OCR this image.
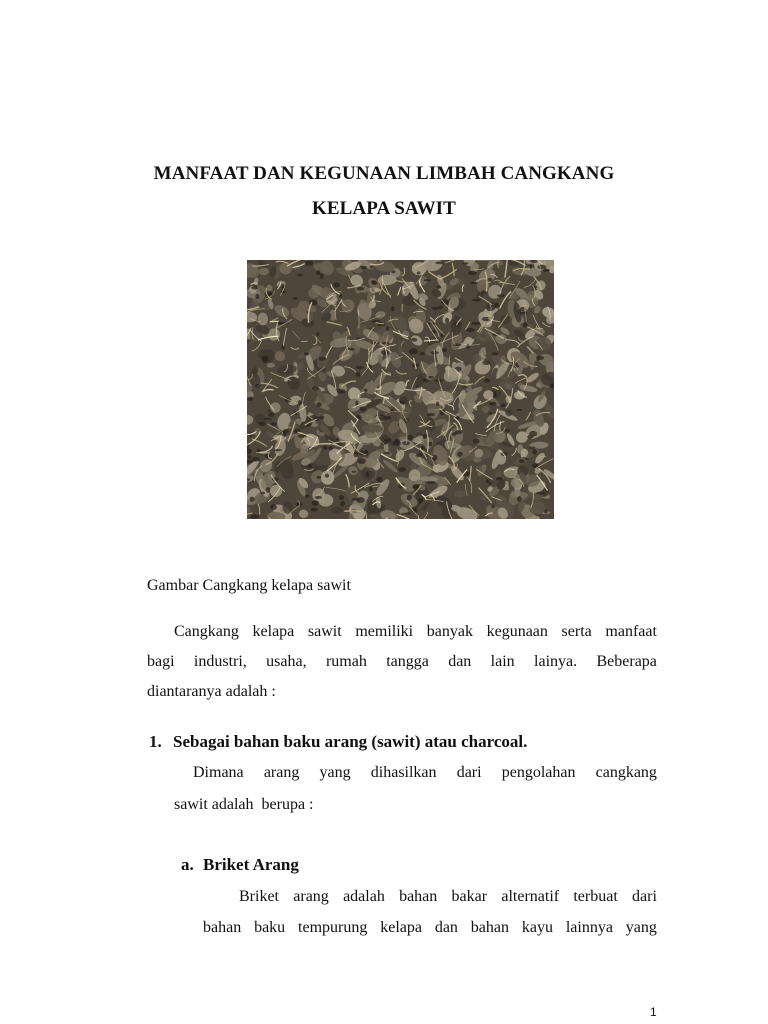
MANFAAT DAN KEGUNAAN LIMBAH CANGKANG
KELAPA SAWIT
Gambar Cangkang kelapa sawit
Cangkang kelapa sawit memiliki banyak kegunaan serta manfaat
bagi industri, usaha, rumah tangga dan lain lainya. Beberapa
diantaranya adalah :
1. Sebagai bahan baku arang (sawit) atau charcoal.
Dimana arang yang dihasilkan dari pengolahan cangkang
sawit adalah  berupa :
a. Briket Arang
Briket arang adalah bahan bakar alternatif terbuat dari
bahan baku tempurung kelapa dan bahan kayu lainnya yang
1
